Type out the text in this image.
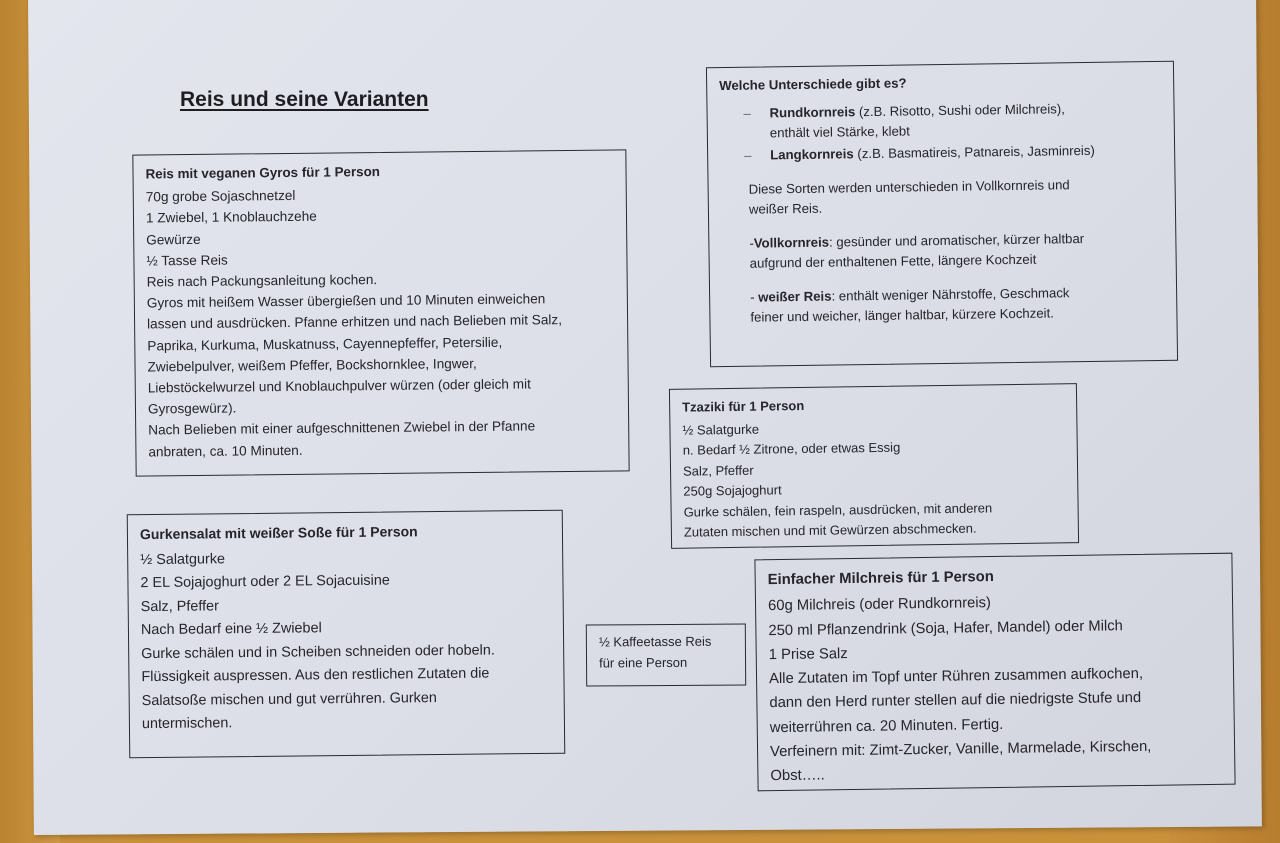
Reis und seine Varianten
Reis mit veganen Gyros für 1 Person
70g grobe Sojaschnetzel
1 Zwiebel, 1 Knoblauchzehe
Gewürze
½ Tasse Reis
Reis nach Packungsanleitung kochen.
Gyros mit heißem Wasser übergießen und 10 Minuten einweichen
lassen und ausdrücken. Pfanne erhitzen und nach Belieben mit Salz,
Paprika, Kurkuma, Muskatnuss, Cayennepfeffer, Petersilie,
Zwiebelpulver, weißem Pfeffer, Bockshornklee, Ingwer,
Liebstöckelwurzel und Knoblauchpulver würzen (oder gleich mit
Gyrosgewürz).
Nach Belieben mit einer aufgeschnittenen Zwiebel in der Pfanne
anbraten, ca. 10 Minuten.
Welche Unterschiede gibt es?
– Rundkornreis (z.B. Risotto, Sushi oder Milchreis),
enthält viel Stärke, klebt
– Langkornreis (z.B. Basmatireis, Patnareis, Jasminreis)
Diese Sorten werden unterschieden in Vollkornreis und
weißer Reis.
-Vollkornreis: gesünder und aromatischer, kürzer haltbar
aufgrund der enthaltenen Fette, längere Kochzeit
- weißer Reis: enthält weniger Nährstoffe, Geschmack
feiner und weicher, länger haltbar, kürzere Kochzeit.
Tzaziki für 1 Person
½ Salatgurke
n. Bedarf ½ Zitrone, oder etwas Essig
Salz, Pfeffer
250g Sojajoghurt
Gurke schälen, fein raspeln, ausdrücken, mit anderen
Zutaten mischen und mit Gewürzen abschmecken.
Gurkensalat mit weißer Soße für 1 Person
½ Salatgurke
2 EL Sojajoghurt oder 2 EL Sojacuisine
Salz, Pfeffer
Nach Bedarf eine ½ Zwiebel
Gurke schälen und in Scheiben schneiden oder hobeln.
Flüssigkeit auspressen. Aus den restlichen Zutaten die
Salatsoße mischen und gut verrühren. Gurken
untermischen.
½ Kaffeetasse Reis
für eine Person
Einfacher Milchreis für 1 Person
60g Milchreis (oder Rundkornreis)
250 ml Pflanzendrink (Soja, Hafer, Mandel) oder Milch
1 Prise Salz
Alle Zutaten im Topf unter Rühren zusammen aufkochen,
dann den Herd runter stellen auf die niedrigste Stufe und
weiterrühren ca. 20 Minuten. Fertig.
Verfeinern mit: Zimt-Zucker, Vanille, Marmelade, Kirschen,
Obst…..
